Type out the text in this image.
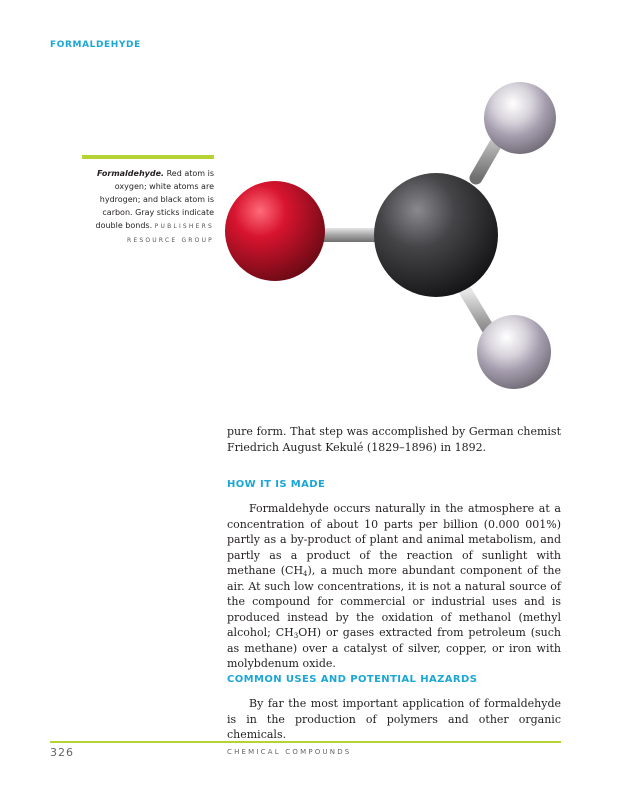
FORMALDEHYDE
Formaldehyde. Red atom is oxygen; white atoms are hydrogen; and black atom is carbon. Gray sticks indicate double bonds. PUBLISHERS RESOURCE GROUP

pure form. That step was accomplished by German chemist Friedrich August Kekulé (1829–1896) in 1892.

HOW IT IS MADE

Formaldehyde occurs naturally in the atmosphere at a concentration of about 10 parts per billion (0.000 001%) partly as a by-product of plant and animal metabolism, and partly as a product of the reaction of sunlight with methane $(CH_4)$, a much more abundant component of the air. At such low concentrations, it is not a natural source of the compound for commercial or industrial uses and is produced instead by the oxidation of methanol (methyl alcohol; $CH_3OH$) or gases extracted from petroleum (such as methane) over a catalyst of silver, copper, or iron with molybdenum oxide.

COMMON USES AND POTENTIAL HAZARDS

By far the most important application of formaldehyde is in the production of polymers and other organic chemicals.

326	CHEMICAL COMPOUNDS
